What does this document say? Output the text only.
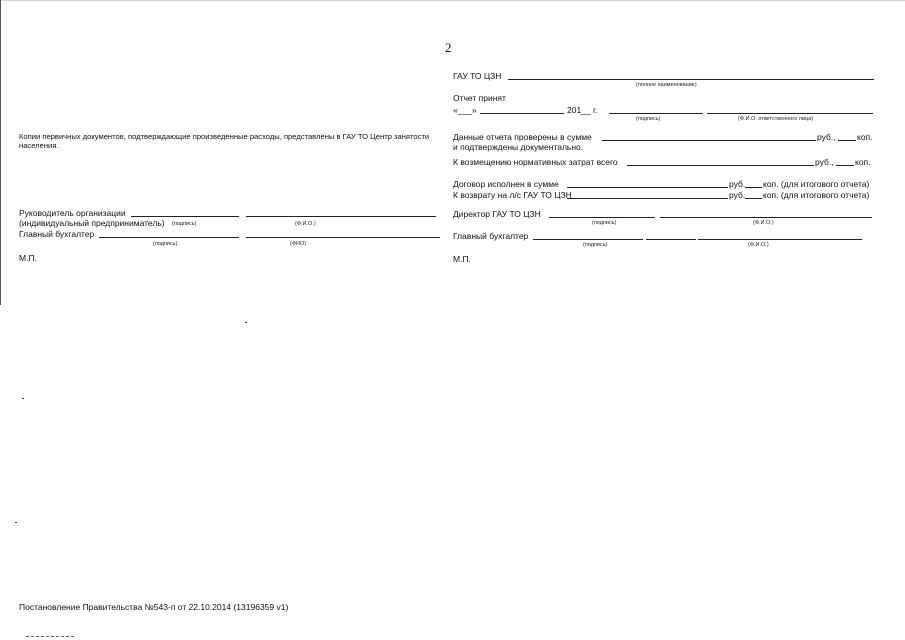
2
Копии первичных документов, подтверждающие произведенные расходы, представлены в ГАУ ТО Центр занятости
населения.
Руководитель организации
(индивидуальный предприниматель) (подпись)	(Ф.И.О.)
Главный бухгалтер
(подпись)	(ФИО)
М.П.
ГАУ ТО ЦЗН
(полное наименование)
Отчет принят
«___»	201__ г.
(подпись)	(Ф.И.О. ответственного лица)
Данные отчета проверены в сумме	руб.,	коп.
и подтверждены документально.
К возмещению нормативных затрат всего	руб.,	коп.
Договор исполнен в сумме	руб. коп. (для итогового отчета)
К возврату на л/с ГАУ ТО ЦЗН	руб. коп. (для итогового отчета)
Директор ГАУ ТО ЦЗН
(подпись)	(Ф.И.О.)
Главный бухгалтер
(подпись)	(Ф.И.О.)
М.П.
Постановление Правительства №543-п от 22.10.2014 (13196359 v1)
